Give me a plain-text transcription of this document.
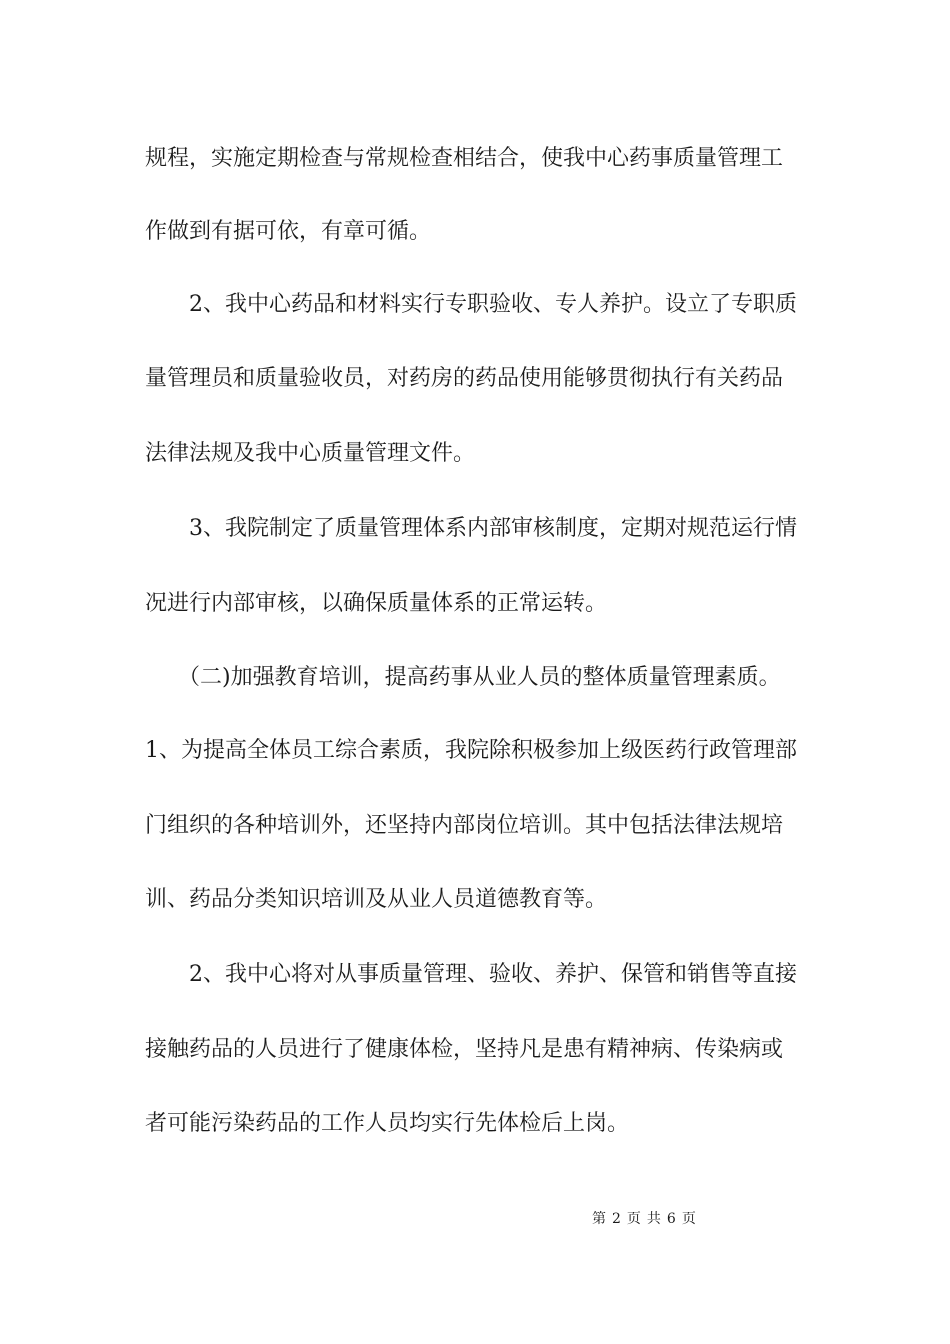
规程，实施定期检查与常规检查相结合，使我中心药事质量管理工
作做到有据可依，有章可循。
2、我中心药品和材料实行专职验收、专人养护。设立了专职质
量管理员和质量验收员，对药房的药品使用能够贯彻执行有关药品
法律法规及我中心质量管理文件。
3、我院制定了质量管理体系内部审核制度，定期对规范运行情
况进行内部审核，以确保质量体系的正常运转。
（二)加强教育培训，提高药事从业人员的整体质量管理素质。
1、为提高全体员工综合素质，我院除积极参加上级医药行政管理部
门组织的各种培训外，还坚持内部岗位培训。其中包括法律法规培
训、药品分类知识培训及从业人员道德教育等。
2、我中心将对从事质量管理、验收、养护、保管和销售等直接
接触药品的人员进行了健康体检，坚持凡是患有精神病、传染病或
者可能污染药品的工作人员均实行先体检后上岗。
第 2 页 共 6 页
